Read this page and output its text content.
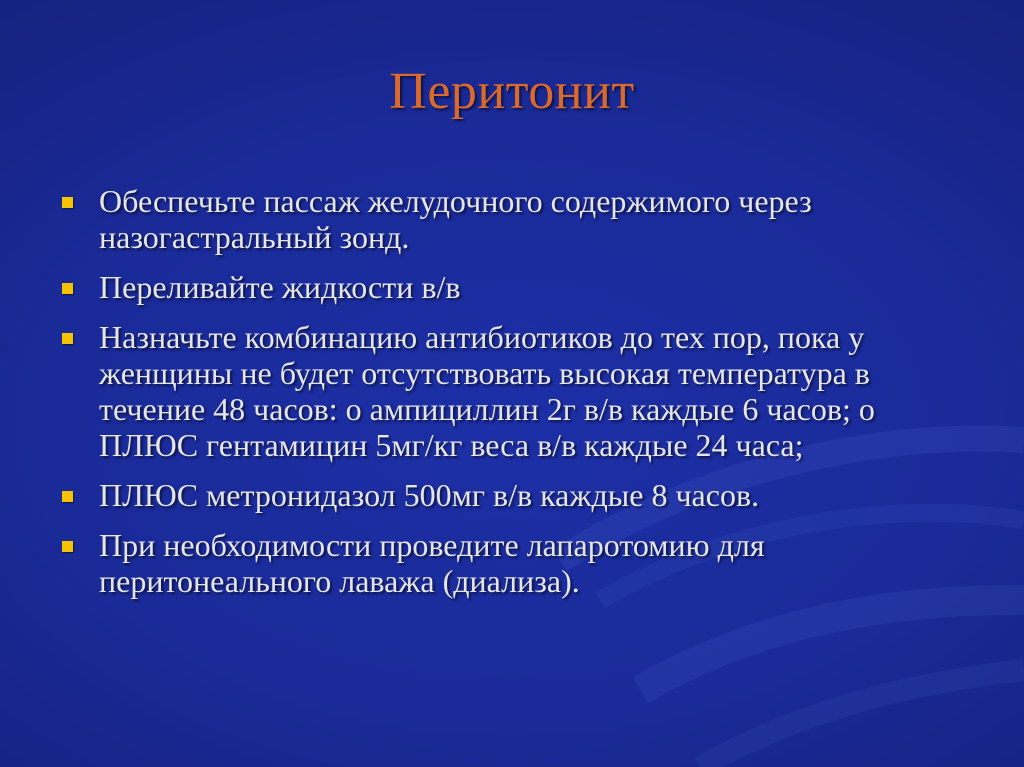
Перитонит
Обеспечьте пассаж желудочного содержимого через назогастральный зонд.
Переливайте жидкости в/в
Назначьте комбинацию антибиотиков до тех пор, пока у женщины не будет отсутствовать высокая температура в течение 48 часов: о ампициллин 2г в/в каждые 6 часов; о ПЛЮС гентамицин 5мг/кг веса в/в каждые 24 часа;
ПЛЮС метронидазол 500мг в/в каждые 8 часов.
При необходимости проведите лапаротомию для перитонеального лаважа (диализа).
